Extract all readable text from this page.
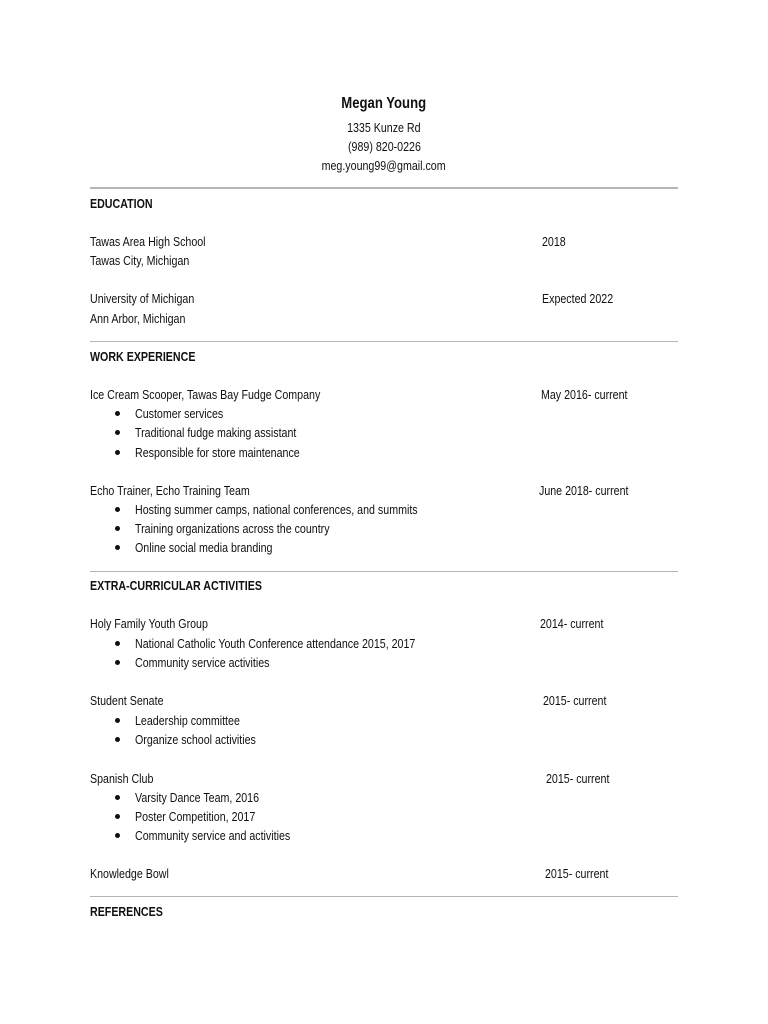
Megan Young
1335 Kunze Rd
(989) 820-0226
meg.young99@gmail.com
EDUCATION
Tawas Area High School	2018
Tawas City, Michigan
University of Michigan	Expected 2022
Ann Arbor, Michigan
WORK EXPERIENCE
Ice Cream Scooper, Tawas Bay Fudge Company	May 2016- current
Customer services
Traditional fudge making assistant
Responsible for store maintenance
Echo Trainer, Echo Training Team	June 2018- current
Hosting summer camps, national conferences, and summits
Training organizations across the country
Online social media branding
EXTRA-CURRICULAR ACTIVITIES
Holy Family Youth Group	2014- current
National Catholic Youth Conference attendance 2015, 2017
Community service activities
Student Senate	2015- current
Leadership committee
Organize school activities
Spanish Club	2015- current
Varsity Dance Team, 2016
Poster Competition, 2017
Community service and activities
Knowledge Bowl	2015- current
REFERENCES
